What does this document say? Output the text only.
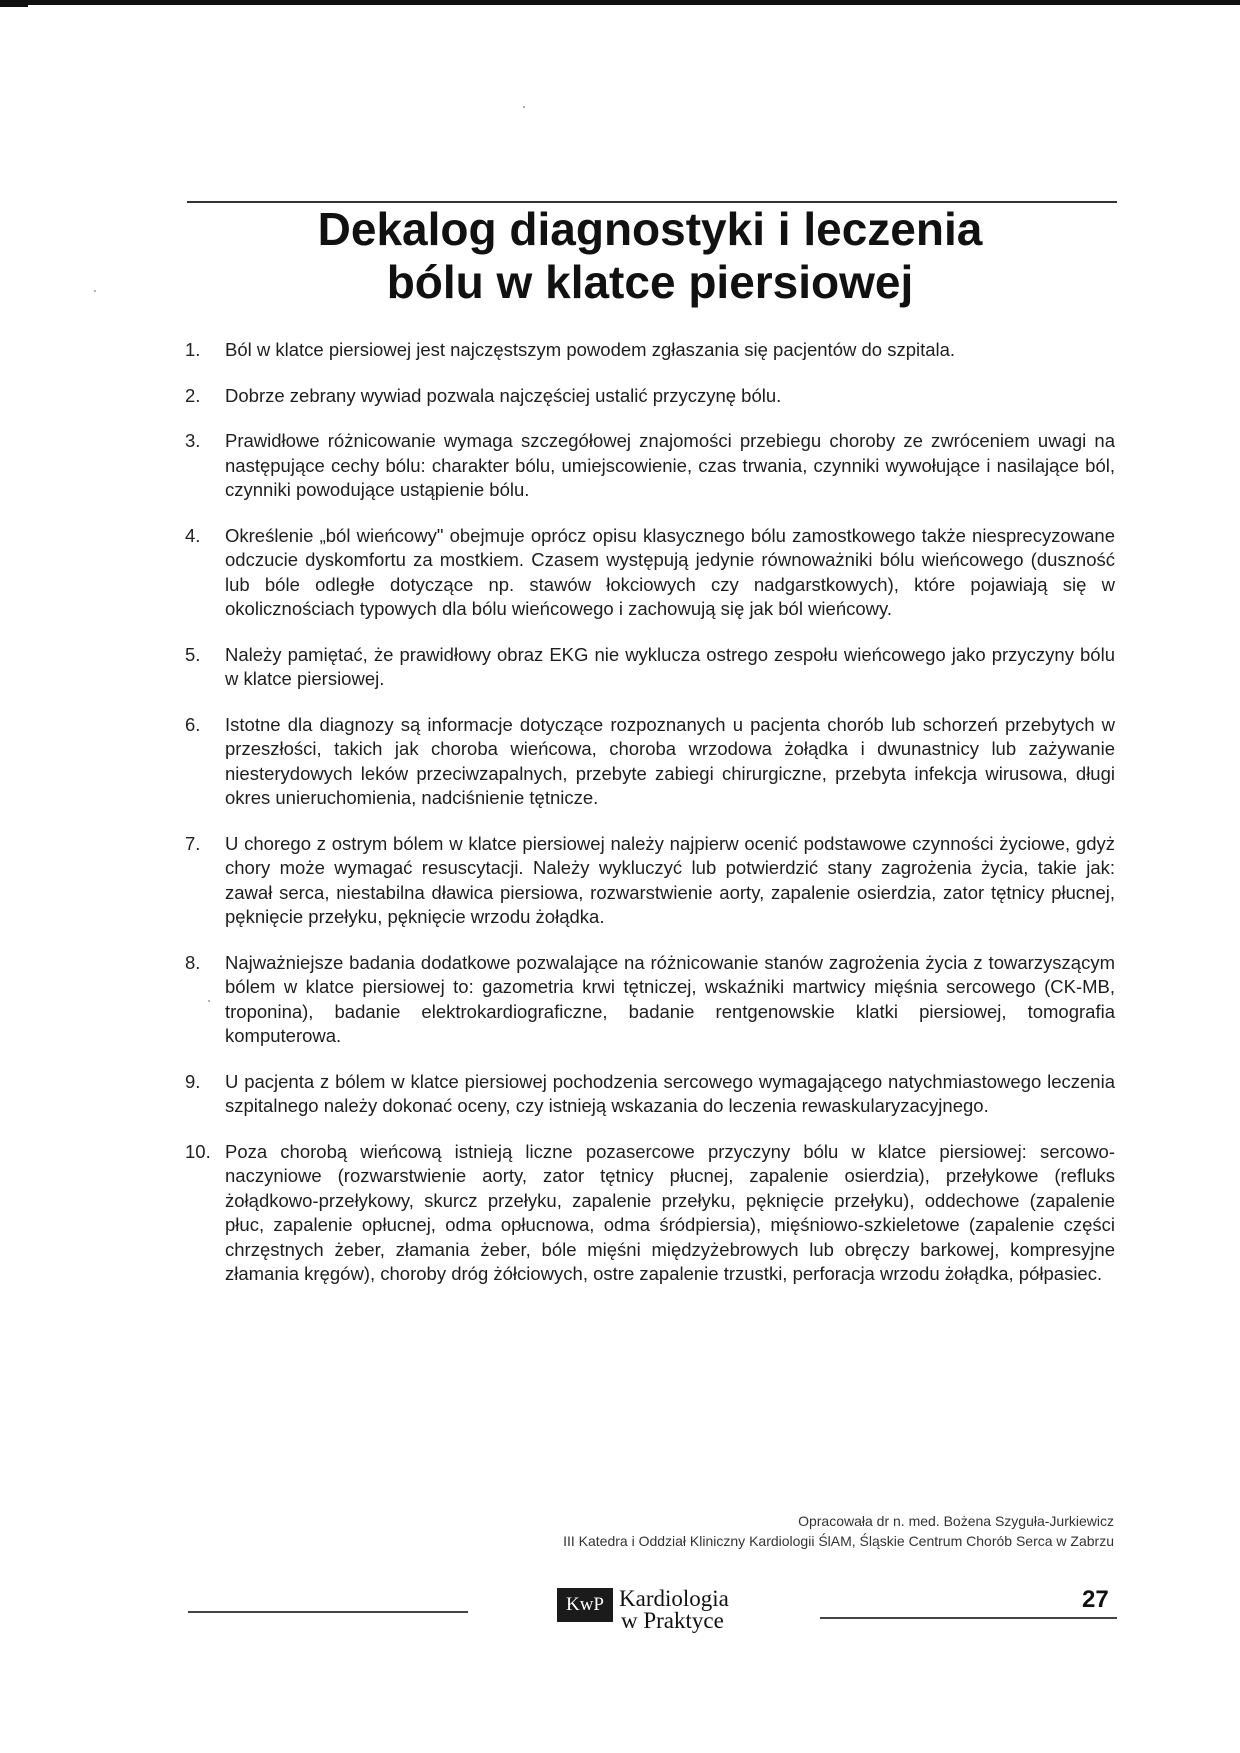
Dekalog diagnostyki i leczenia
bólu w klatce piersiowej
1.	Ból w klatce piersiowej jest najczęstszym powodem zgłaszania się pacjentów do szpitala.
2.	Dobrze zebrany wywiad pozwala najczęściej ustalić przyczynę bólu.
3.	Prawidłowe różnicowanie wymaga szczegółowej znajomości przebiegu choroby ze zwróceniem uwagi na następujące cechy bólu: charakter bólu, umiejscowienie, czas trwania, czynniki wywołujące i nasilające ból, czynniki powodujące ustąpienie bólu.
4.	Określenie „ból wieńcowy" obejmuje oprócz opisu klasycznego bólu zamostkowego także niesprecyzowane odczucie dyskomfortu za mostkiem. Czasem występują jedynie równoważniki bólu wieńcowego (duszność lub bóle odległe dotyczące np. stawów łokciowych czy nadgarstkowych), które pojawiają się w okolicznościach typowych dla bólu wieńcowego i zachowują się jak ból wieńcowy.
5.	Należy pamiętać, że prawidłowy obraz EKG nie wyklucza ostrego zespołu wieńcowego jako przyczyny bólu w klatce piersiowej.
6.	Istotne dla diagnozy są informacje dotyczące rozpoznanych u pacjenta chorób lub schorzeń przebytych w przeszłości, takich jak choroba wieńcowa, choroba wrzodowa żołądka i dwunastnicy lub zażywanie niesterydowych leków przeciwzapalnych, przebyte zabiegi chirurgiczne, przebyta infekcja wirusowa, długi okres unieruchomienia, nadciśnienie tętnicze.
7.	U chorego z ostrym bólem w klatce piersiowej należy najpierw ocenić podstawowe czynności życiowe, gdyż chory może wymagać resuscytacji. Należy wykluczyć lub potwierdzić stany zagrożenia życia, takie jak: zawał serca, niestabilna dławica piersiowa, rozwarstwienie aorty, zapalenie osierdzia, zator tętnicy płucnej, pęknięcie przełyku, pęknięcie wrzodu żołądka.
8.	Najważniejsze badania dodatkowe pozwalające na różnicowanie stanów zagrożenia życia z towarzyszącym bólem w klatce piersiowej to: gazometria krwi tętniczej, wskaźniki martwicy mięśnia sercowego (CK-MB, troponina), badanie elektrokardiograficzne, badanie rentgenowskie klatki piersiowej, tomografia komputerowa.
9.	U pacjenta z bólem w klatce piersiowej pochodzenia sercowego wymagającego natychmiastowego leczenia szpitalnego należy dokonać oceny, czy istnieją wskazania do leczenia rewaskularyzacyjnego.
10. Poza chorobą wieńcową istnieją liczne pozasercowe przyczyny bólu w klatce piersiowej: sercowo-naczyniowe (rozwarstwienie aorty, zator tętnicy płucnej, zapalenie osierdzia), przełykowe (refluks żołądkowo-przełykowy, skurcz przełyku, zapalenie przełyku, pęknięcie przełyku), oddechowe (zapalenie płuc, zapalenie opłucnej, odma opłucnowa, odma śródpiersia), mięśniowo-szkieletowe (zapalenie części chrzęstnych żeber, złamania żeber, bóle mięśni międzyżebrowych lub obręczy barkowej, kompresyjne złamania kręgów), choroby dróg żółciowych, ostre zapalenie trzustki, perforacja wrzodu żołądka, półpasiec.
Opracowała dr n. med. Bożena Szyguła-Jurkiewicz
III Katedra i Oddział Kliniczny Kardiologii ŚlAM, Śląskie Centrum Chorób Serca w Zabrzu
KwP Kardiologia
w Praktyce
27
